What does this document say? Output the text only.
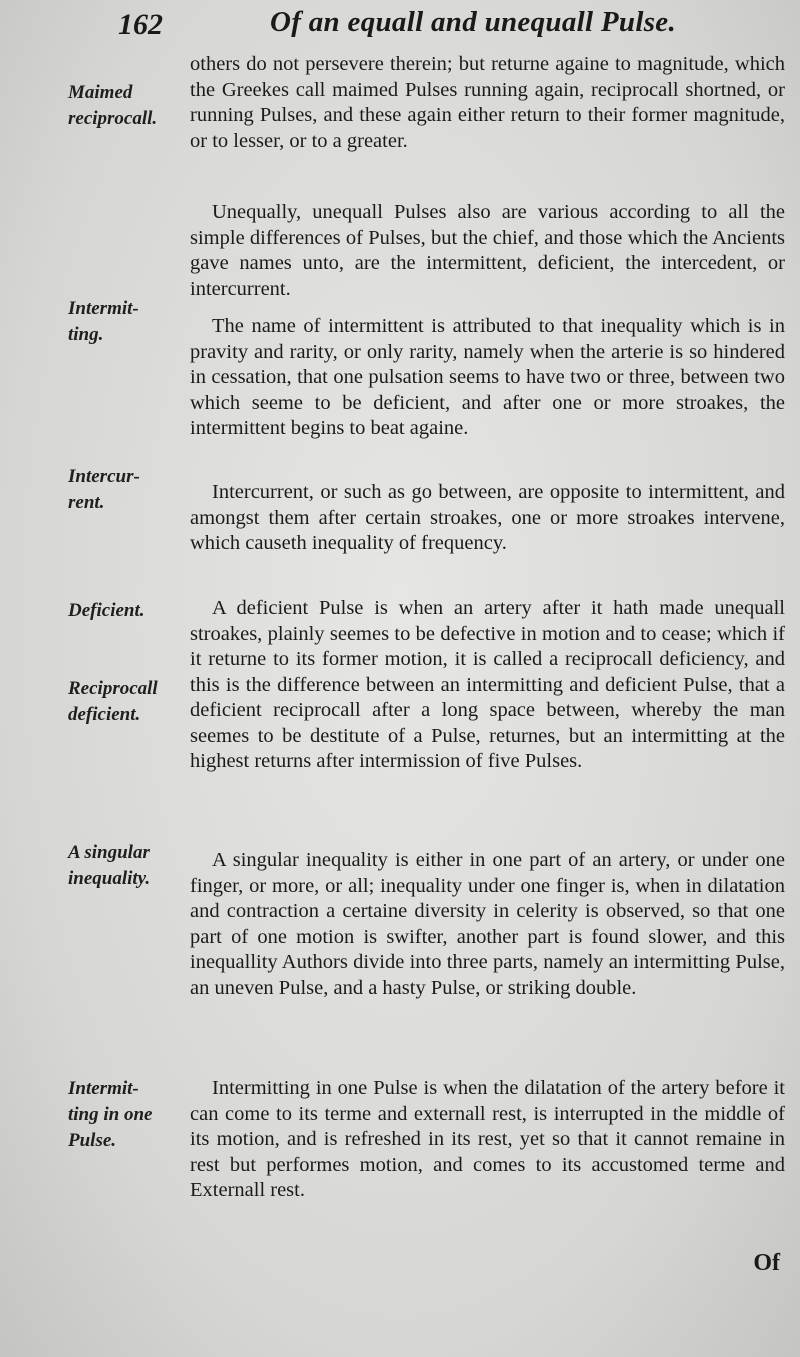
162	Of an equall and unequall Pulse.
Maimed
reciprocall.
Intermit-
ting.
Intercur-
rent.
Deficient.
Reciprocall
deficient.
A singular
inequality.
Intermit-
ting in one
Pulse.

others do not persevere therein; but returne againe to magnitude, which the Greekes call maimed Pulses running again, reciprocall shortned, or running Pulses, and these again either return to their former magnitude, or to lesser, or to a greater.

Unequally, unequall Pulses also are various according to all the simple differences of Pulses, but the chief, and those which the Ancients gave names unto, are the intermittent, deficient, the intercedent, or intercurrent.

The name of intermittent is attributed to that inequality which is in pravity and rarity, or only rarity, namely when the arterie is so hindered in cessation, that one pulsation seems to have two or three, between two which seeme to be deficient, and after one or more stroakes, the intermittent begins to beat againe.

Intercurrent, or such as go between, are opposite to intermittent, and amongst them after certain stroakes, one or more stroakes intervene, which causeth inequality of frequency.

A deficient Pulse is when an artery after it hath made unequall stroakes, plainly seemes to be defective in motion and to cease; which if it returne to its former motion, it is called a reciprocall deficiency, and this is the difference between an intermitting and deficient Pulse, that a deficient reciprocall after a long space between, whereby the man seemes to be destitute of a Pulse, returnes, but an intermitting at the highest returns after intermission of five Pulses.

A singular inequality is either in one part of an artery, or under one finger, or more, or all; inequality under one finger is, when in dilatation and contraction a certaine diversity in celerity is observed, so that one part of one motion is swifter, another part is found slower, and this inequallity Authors divide into three parts, namely an intermitting Pulse, an uneven Pulse, and a hasty Pulse, or striking double.

Intermitting in one Pulse is when the dilatation of the artery before it can come to its terme and externall rest, is interrupted in the middle of its motion, and is refreshed in its rest, yet so that it cannot remaine in rest but performes motion, and comes to its accustomed terme and Externall rest.

Of
